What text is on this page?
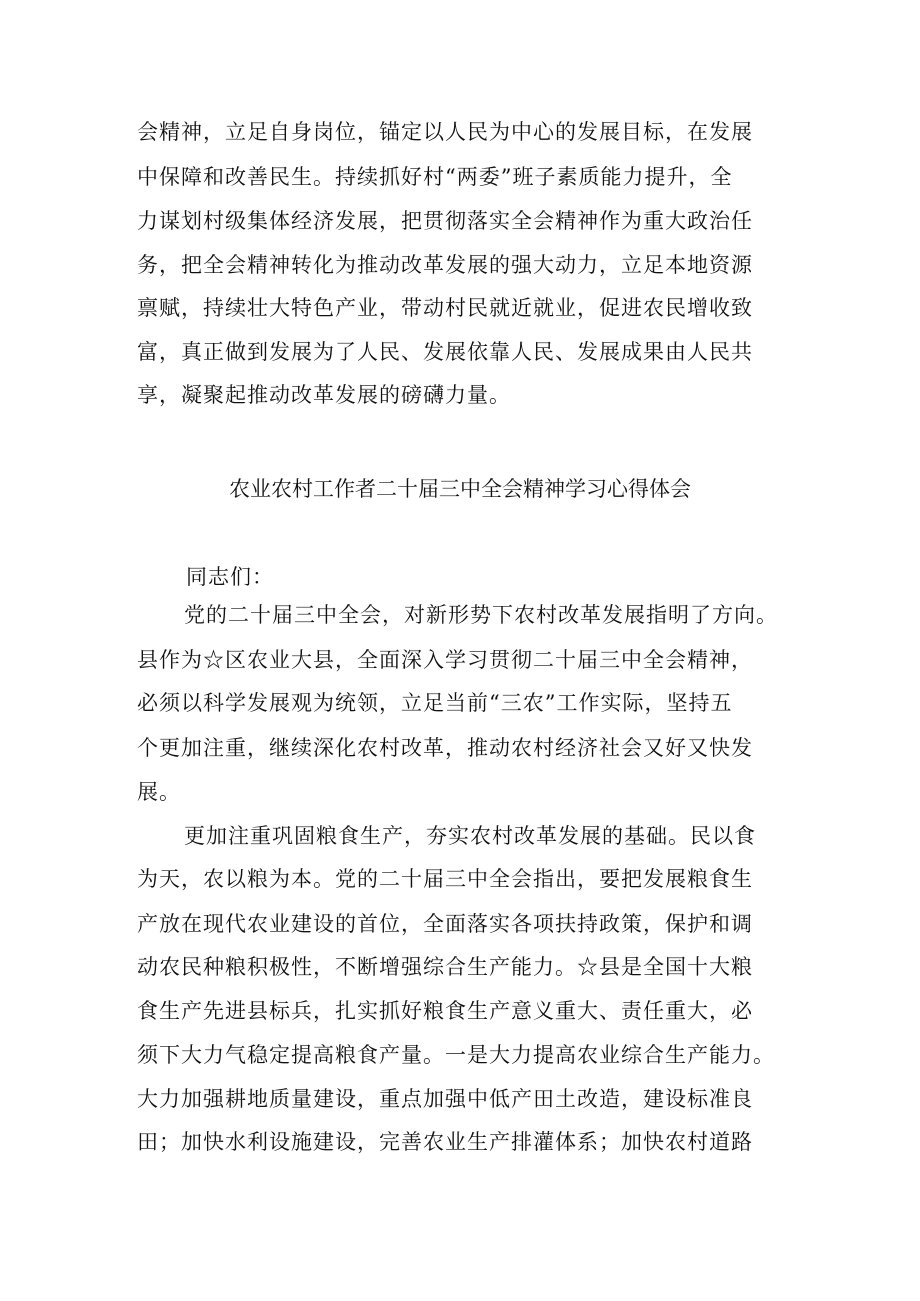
会精神，立足自身岗位，锚定以人民为中心的发展目标，在发展
中保障和改善民生。持续抓好村“两委”班子素质能力提升，全
力谋划村级集体经济发展，把贯彻落实全会精神作为重大政治任
务，把全会精神转化为推动改革发展的强大动力，立足本地资源
禀赋，持续壮大特色产业，带动村民就近就业，促进农民增收致
富，真正做到发展为了人民、发展依靠人民、发展成果由人民共
享，凝聚起推动改革发展的磅礴力量。
农业农村工作者二十届三中全会精神学习心得体会
同志们：
党的二十届三中全会，对新形势下农村改革发展指明了方向。
县作为☆区农业大县，全面深入学习贯彻二十届三中全会精神，
必须以科学发展观为统领，立足当前“三农”工作实际，坚持五
个更加注重，继续深化农村改革，推动农村经济社会又好又快发
展。
更加注重巩固粮食生产，夯实农村改革发展的基础。民以食
为天，农以粮为本。党的二十届三中全会指出，要把发展粮食生
产放在现代农业建设的首位，全面落实各项扶持政策，保护和调
动农民种粮积极性，不断增强综合生产能力。☆县是全国十大粮
食生产先进县标兵，扎实抓好粮食生产意义重大、责任重大，必
须下大力气稳定提高粮食产量。一是大力提高农业综合生产能力。
大力加强耕地质量建设，重点加强中低产田土改造，建设标准良
田；加快水利设施建设，完善农业生产排灌体系；加快农村道路
